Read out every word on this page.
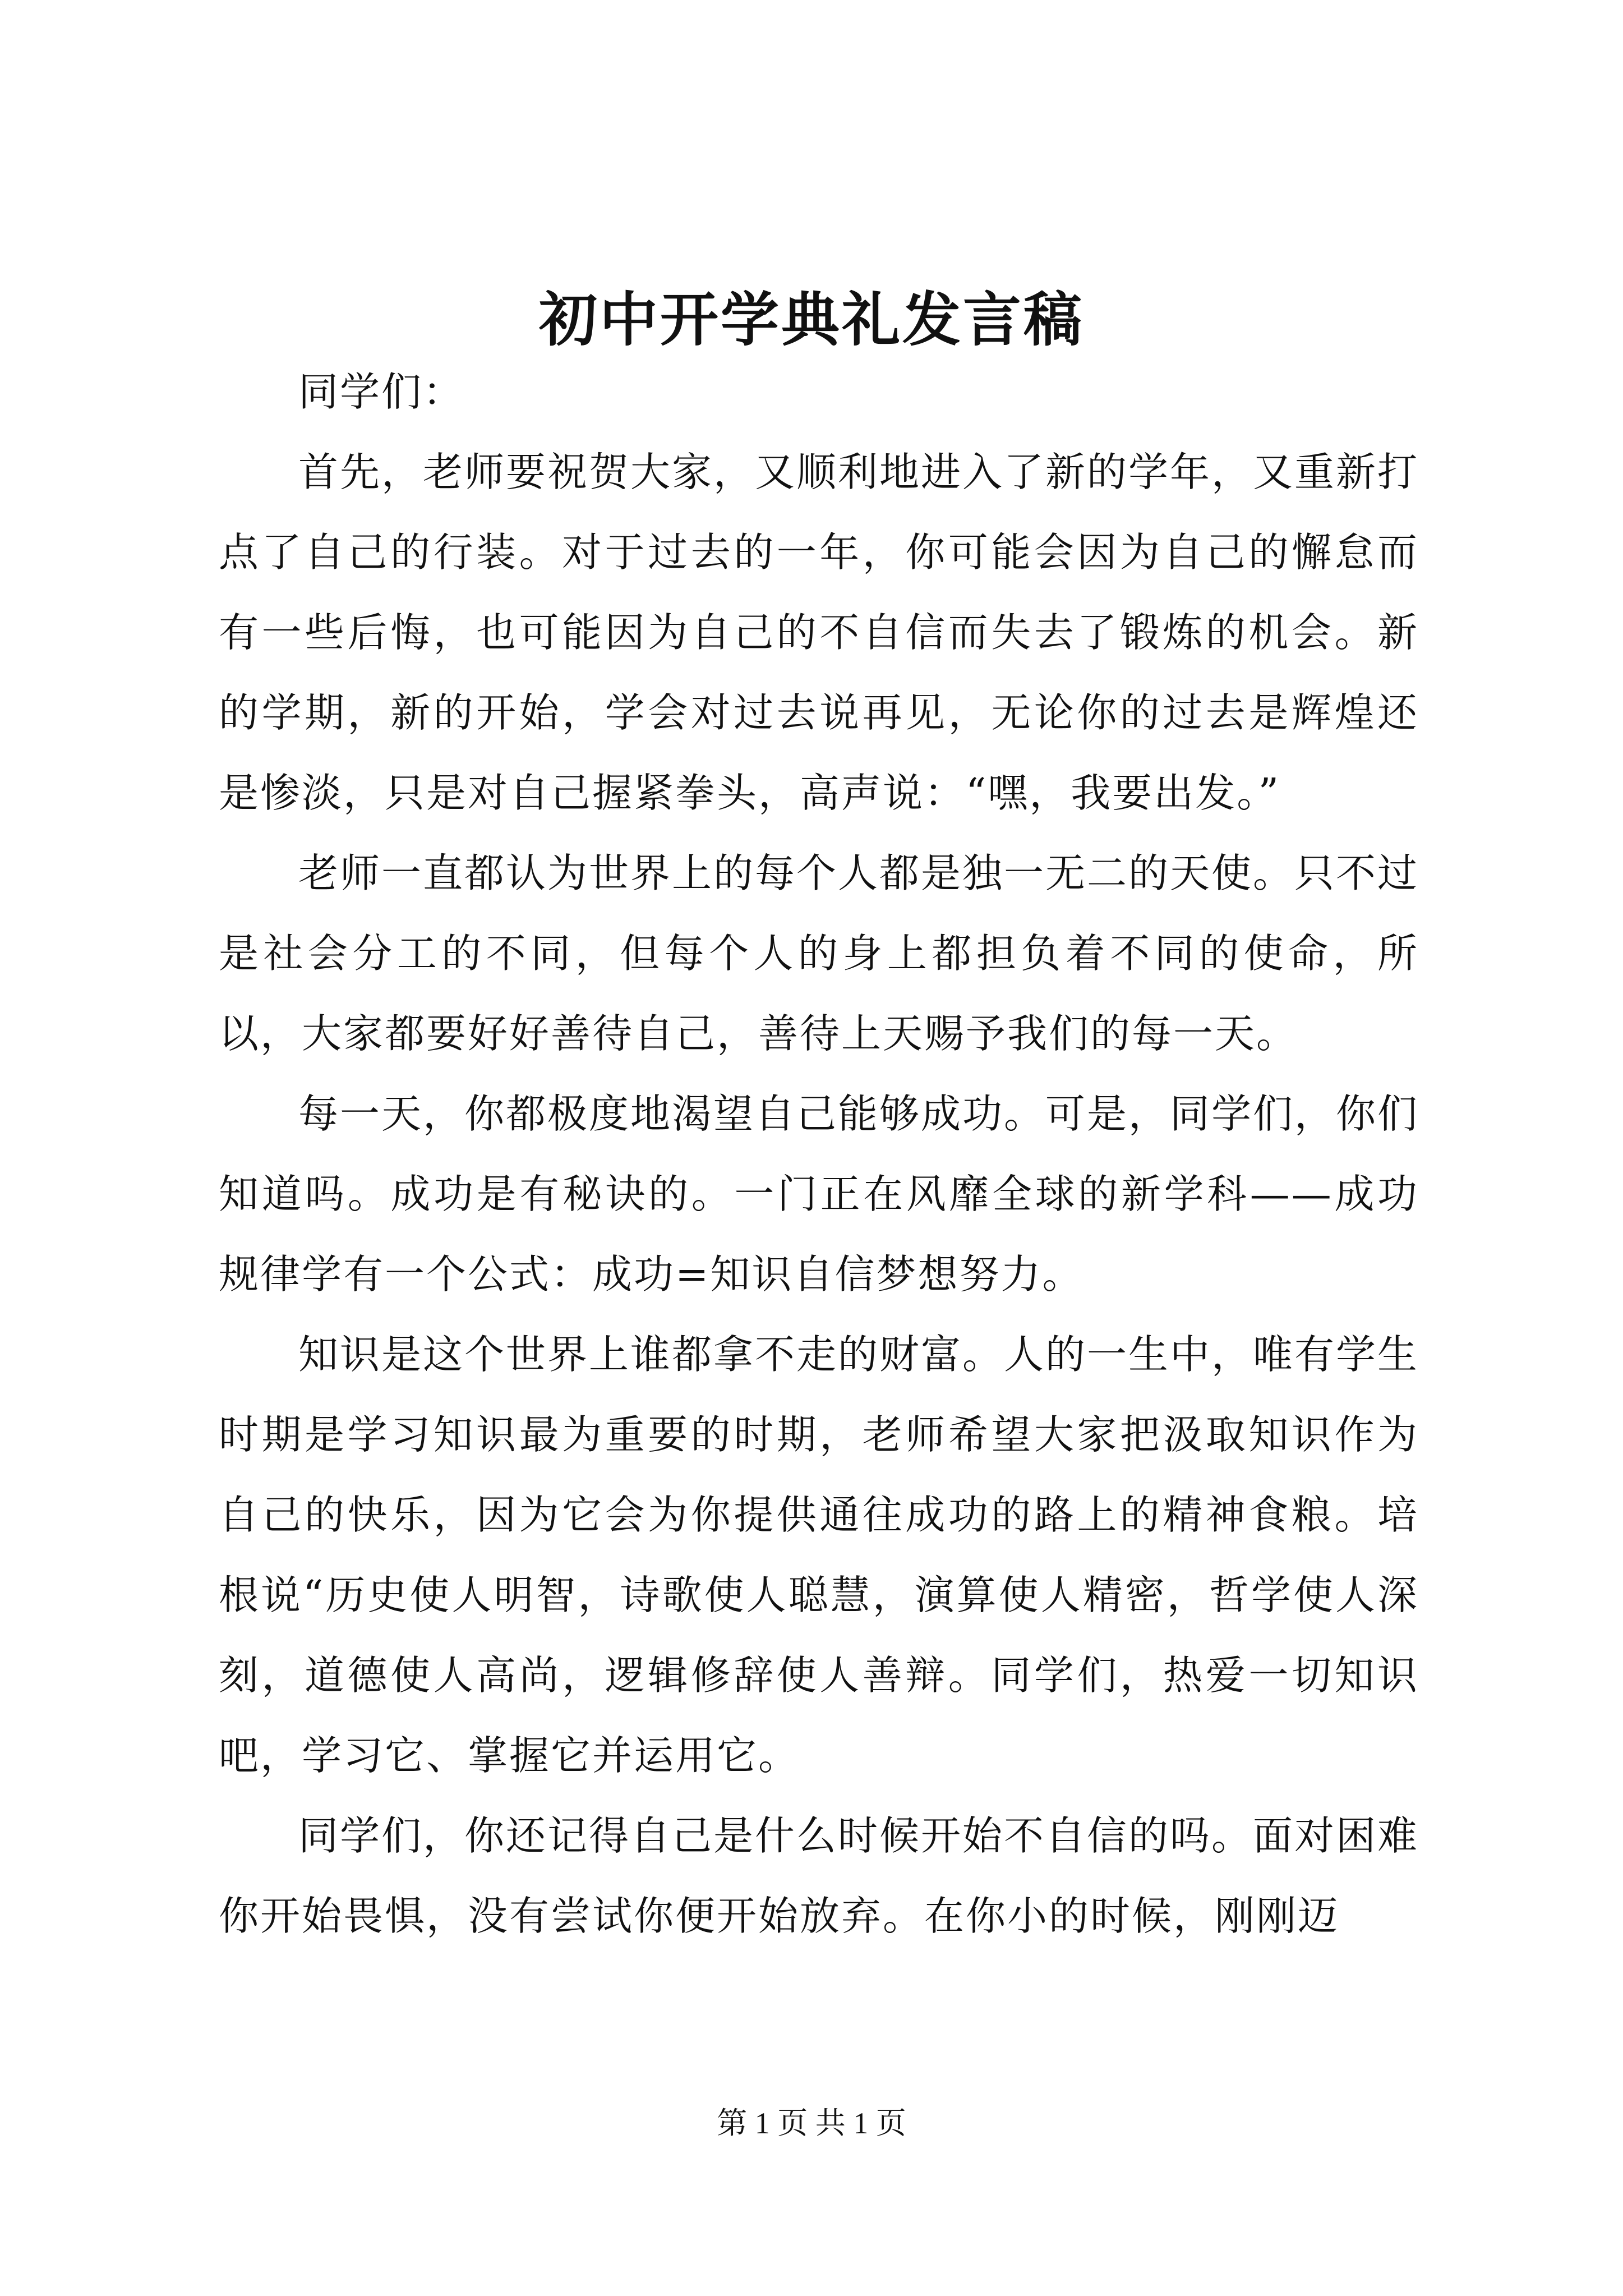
初中开学典礼发言稿

同学们：

首先，老师要祝贺大家，又顺利地进入了新的学年，又重新打点了自己的行装。对于过去的一年，你可能会因为自己的懈怠而有一些后悔，也可能因为自己的不自信而失去了锻炼的机会。新的学期，新的开始，学会对过去说再见，无论你的过去是辉煌还是惨淡，只是对自己握紧拳头，高声说：“嘿，我要出发。”

老师一直都认为世界上的每个人都是独一无二的天使。只不过是社会分工的不同，但每个人的身上都担负着不同的使命，所以，大家都要好好善待自己，善待上天赐予我们的每一天。

每一天，你都极度地渴望自己能够成功。可是，同学们，你们知道吗。成功是有秘诀的。一门正在风靡全球的新学科——成功规律学有一个公式：成功=知识自信梦想努力。

知识是这个世界上谁都拿不走的财富。人的一生中，唯有学生时期是学习知识最为重要的时期，老师希望大家把汲取知识作为自己的快乐，因为它会为你提供通往成功的路上的精神食粮。培根说“历史使人明智，诗歌使人聪慧，演算使人精密，哲学使人深刻，道德使人高尚，逻辑修辞使人善辩。同学们，热爱一切知识吧，学习它、掌握它并运用它。

同学们，你还记得自己是什么时候开始不自信的吗。面对困难你开始畏惧，没有尝试你便开始放弃。在你小的时候，刚刚迈

第 1 页 共 1 页
